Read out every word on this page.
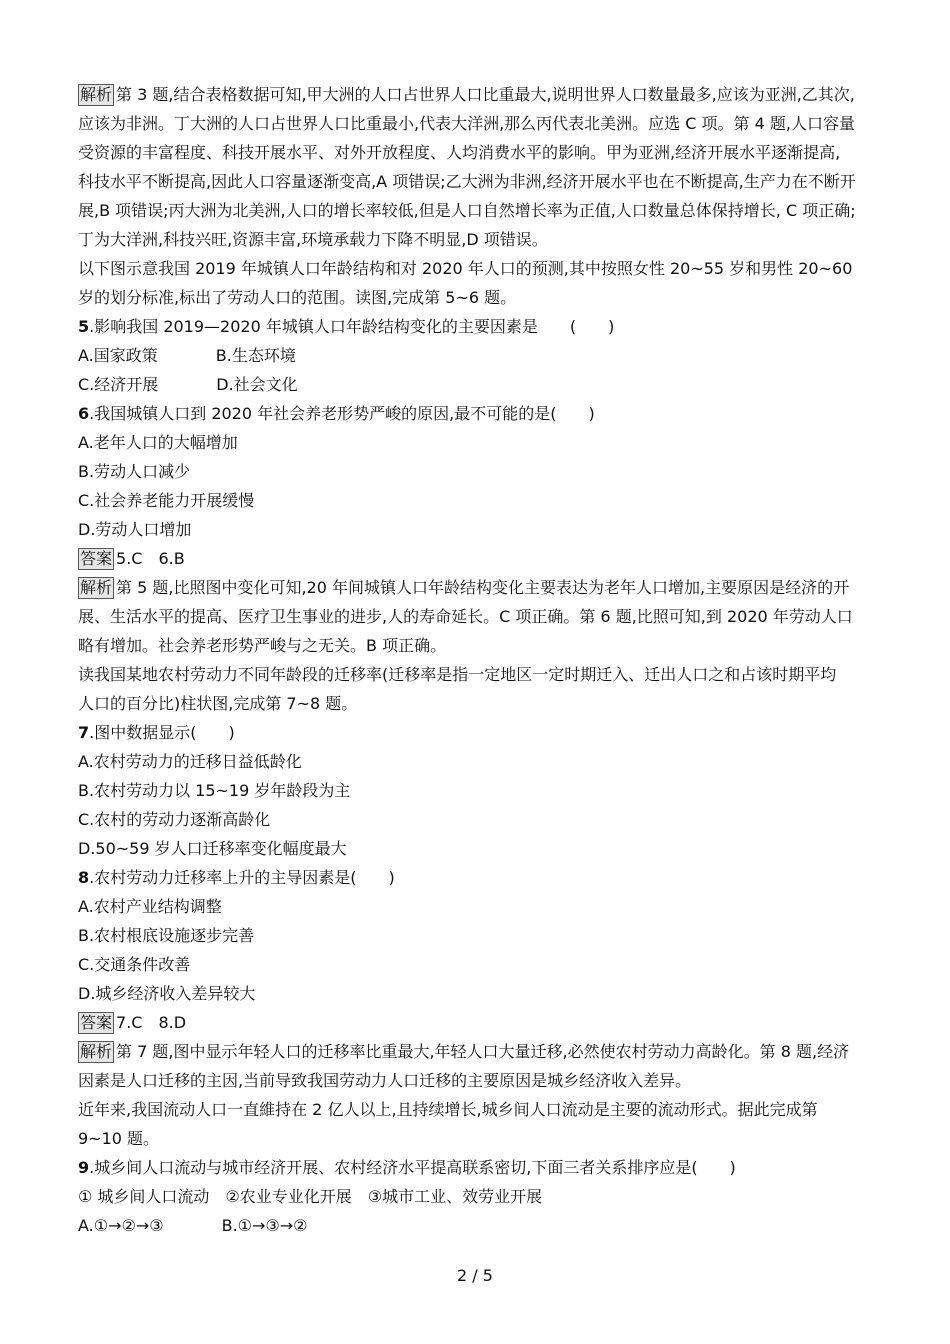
解析 第 3 题,结合表格数据可知,甲大洲的人口占世界人口比重最大,说明世界人口数量最多,应该为亚洲,乙其次,

应该为非洲。丁大洲的人口占世界人口比重最小,代表大洋洲,那么丙代表北美洲。应选 C 项。第 4 题,人口容量

受资源的丰富程度、科技开展水平、对外开放程度、人均消费水平的影响。甲为亚洲,经济开展水平逐渐提高,

科技水平不断提高,因此人口容量逐渐变高,A 项错误;乙大洲为非洲,经济开展水平也在不断提高,生产力在不断开

展,B 项错误;丙大洲为北美洲,人口的增长率较低,但是人口自然增长率为正值,人口数量总体保持增长, C 项正确;

丁为大洋洲,科技兴旺,资源丰富,环境承载力下降不明显,D 项错误。

以下图示意我国 2019 年城镇人口年龄结构和对 2020 年人口的预测,其中按照女性 20~55 岁和男性 20~60

岁的划分标准,标出了劳动人口的范围。读图,完成第 5~6 题。

5.影响我国 2019—2020 年城镇人口年龄结构变化的主要因素是　　(　　)

A.国家政策	B.生态环境

C.经济开展	D.社会文化

6.我国城镇人口到 2020 年社会养老形势严峻的原因,最不可能的是(　　)

A.老年人口的大幅增加

B.劳动人口减少

C.社会养老能力开展缓慢

D.劳动人口增加

答案 5.C　6.B

解析 第 5 题,比照图中变化可知,20 年间城镇人口年龄结构变化主要表达为老年人口增加,主要原因是经济的开

展、生活水平的提高、医疗卫生事业的进步,人的寿命延长。C 项正确。第 6 题,比照可知,到 2020 年劳动人口

略有增加。社会养老形势严峻与之无关。B 项正确。

读我国某地农村劳动力不同年龄段的迁移率(迁移率是指一定地区一定时期迁入、迁出人口之和占该时期平均

人口的百分比)柱状图,完成第 7~8 题。

7.图中数据显示(　　)

A.农村劳动力的迁移日益低龄化

B.农村劳动力以 15~19 岁年龄段为主

C.农村的劳动力逐渐高龄化

D.50~59 岁人口迁移率变化幅度最大

8.农村劳动力迁移率上升的主导因素是(　　)

A.农村产业结构调整

B.农村根底设施逐步完善

C.交通条件改善

D.城乡经济收入差异较大

答案 7.C　8.D

解析 第 7 题,图中显示年轻人口的迁移率比重最大,年轻人口大量迁移,必然使农村劳动力高龄化。第 8 题,经济

因素是人口迁移的主因,当前导致我国劳动力人口迁移的主要原因是城乡经济收入差异。

近年来,我国流动人口一直維持在 2 亿人以上,且持续增长,城乡间人口流动是主要的流动形式。据此完成第

9~10 题。

9.城乡间人口流动与城市经济开展、农村经济水平提高联系密切,下面三者关系排序应是(　　)

① 城乡间人口流动　②农业专业化开展　③城市工业、效劳业开展

A.①→②→③	B.①→③→②

2 / 5
